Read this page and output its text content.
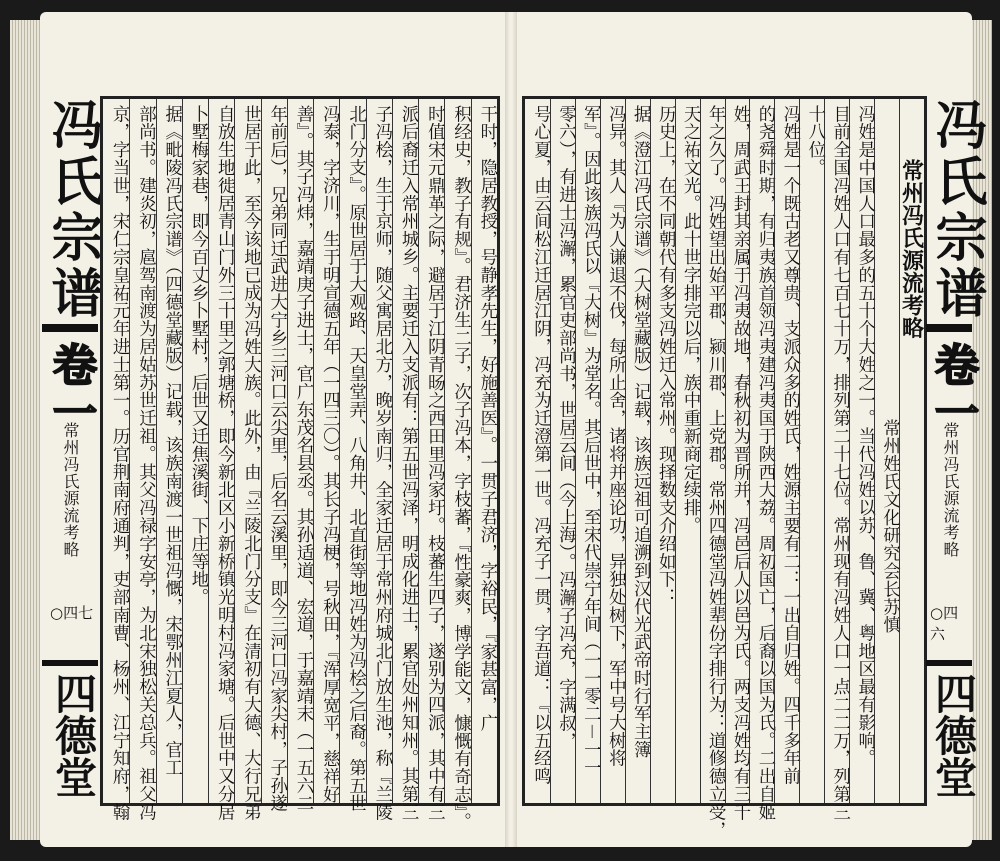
冯氏宗谱
卷一
常州冯氏源流考略
○四七
四德堂
干时，隐居教授，号静孝先生，好施善医』。一贯子君济，字裕民，『家甚富，广
积经史，教子有规』。君济生二子，次子冯本，字枝蕃，『性豪爽，博学能文，慷慨有奇志』。
时值宋元鼎革之际，避居于江阴青旸之西田里冯家圩。枝蕃生四子，遂别为四派，其中有三
派后裔迁入常州城乡。主要迁入支派有：第五世冯泽，明成化进士，累官处州知州。其第三
子冯桧，生于京师，随父寓居北方，晚岁南归，全家迁居于常州府城北门放生池，称『兰陵
北门分支』。原世居于大观路、天皇堂弄、八角井、北直街等地冯姓为冯桧之后裔。第五世
冯泰，字济川，生于明宣德五年（一四三〇）。其长子冯梗，号秋田，『浑厚宽平，慈祥好
善』。其子冯炜，嘉靖庚子进士，官广东茂名县丞。其孙适道、宏道，于嘉靖末（一五六二
年前后），兄弟同迁武进大宁乡三河口云尖里，后名云溪里，即今三河口冯家尖村，子孙遂
世居于此，至今该地已成为冯姓大族。此外，由『兰陵北门分支』在清初有大德、大行兄弟
自放生地徙居青山门外三十里之郭塘桥，即今新北区小新桥镇光明村冯家塘。后世中又分居
卜墅梅家巷，即今百丈乡卜墅村，后世又迁焦溪街、下庄等地。
据《毗陵冯氏宗谱》（四德堂藏版）记载，该族南渡一世祖冯慨，宋鄂州江夏人，官工
部尚书。建炎初，扈驾南渡为居姑苏世迁祖。其父冯禄字安亭，为北宋独松关总兵。祖父冯
京，字当世，宋仁宗皇祐元年进士第一。历官荆南府通判，吏部南曹、杨州、江宁知府，翰	常州冯氏源流考略
常州姓氏文化研究会长苏慎
冯姓是中国人口最多的五十个大姓之一。当代冯姓以苏、鲁、冀、粤地区最有影响。
目前全国冯姓人口有七百七十万，排列第二十七位。常州现有冯姓人口一点二二万，列第三
十八位。
冯姓是一个既古老又尊贵、支派众多的姓氏，姓源主要有二：一出自归姓。四千多年前
的尧舜时期，有归夷族首领冯夷建冯夷国于陕西大荔。周初国亡，后裔以国为氏。二出自姬
姓，周武王封其亲属于冯夷故地，春秋初为晋所并，冯邑后人以邑为氏。两支冯姓均有三千
年之久了。冯姓望出始平郡、颍川郡、上党郡。常州四德堂冯姓辈份字排行为：道修德立受，
天之祐文光。此十世字排完以后，族中重新商定续排。
历史上，在不同朝代有多支冯姓迁入常州。现择数支介绍如下：
据《澄江冯氏宗谱》（大树堂藏版）记载，该族远祖可追溯到汉代光武帝时行军主簿
冯异。其人『为人谦退不伐，每所止舍，诸将并座论功，异独处树下，军中号大树将
军』。因此该族冯氏以『大树』为堂名。其后世中，至宋代崇宁年间（一一零二－一一
零六），有进士冯澥，累官吏部尚书，世居云间（今上海）。冯澥子冯充，字满叔，
号心夏，由云间松江迁居江阴，冯充为迁澄第一世。冯充子一贯，字吾道：『以五经鸣	冯氏宗谱
卷一
常州冯氏源流考略
○四六
四德堂
